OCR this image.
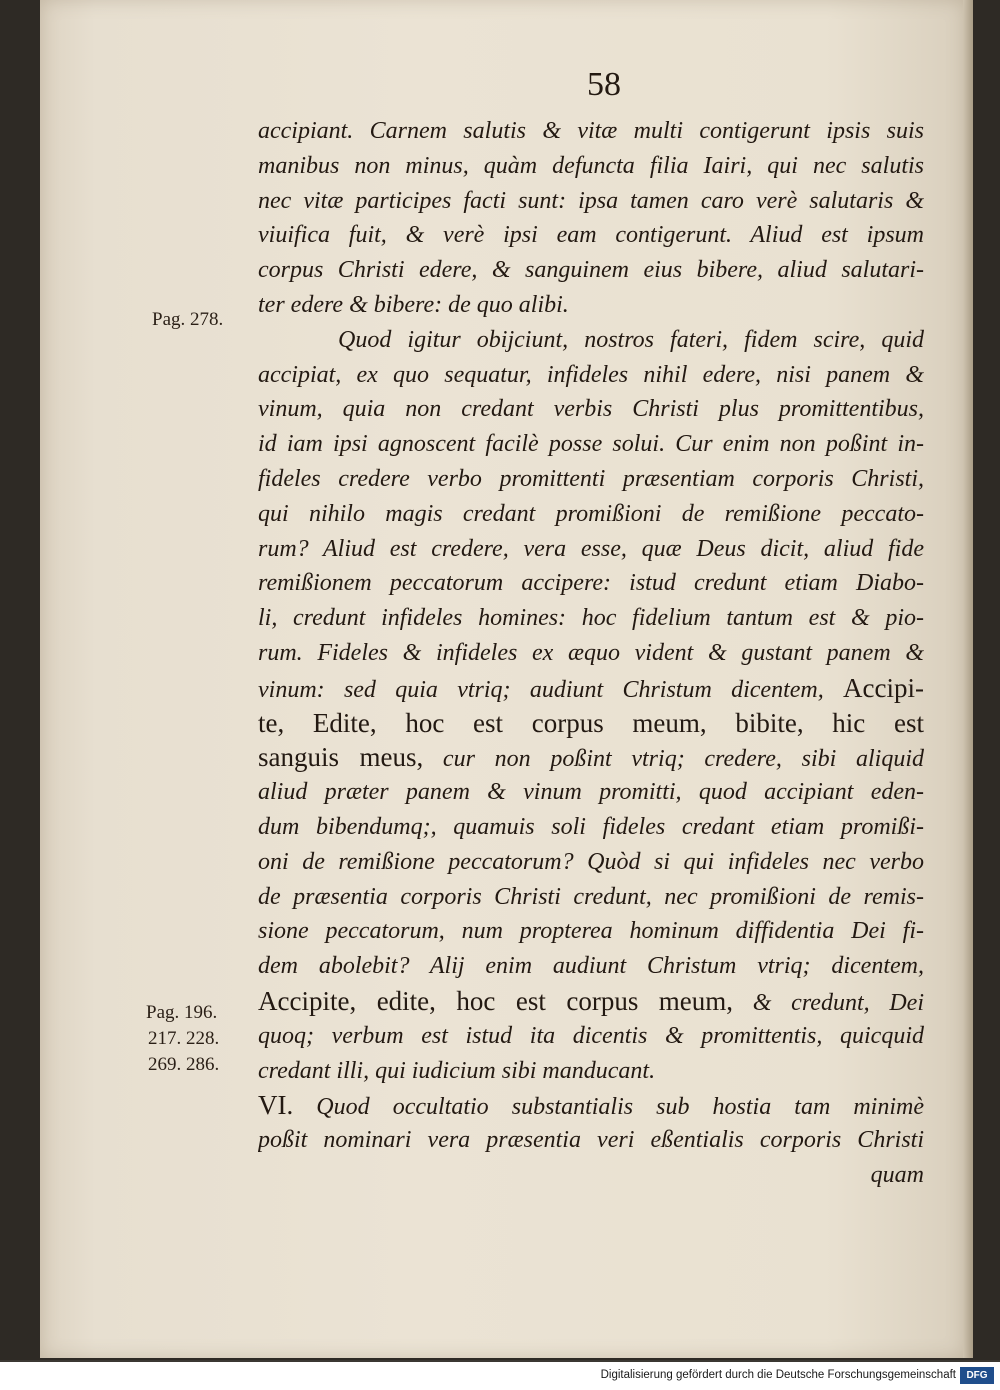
58
Pag. 278.
Pag. 196.
217. 228.
269. 286.
accipiant. Carnem salutis & vitæ multi contigerunt ipsis suis
manibus non minus, quàm defuncta filia Iairi, qui nec salutis
nec vitæ participes facti sunt: ipsa tamen caro verè salutaris &
viuifica fuit, & verè ipsi eam contigerunt. Aliud est ipsum
corpus Christi edere, & sanguinem eius bibere, aliud salutari-
ter edere & bibere: de quo alibi.
Quod igitur obijciunt, nostros fateri, fidem scire, quid
accipiat, ex quo sequatur, infideles nihil edere, nisi panem &
vinum, quia non credant verbis Christi plus promittentibus,
id iam ipsi agnoscent facilè posse solui. Cur enim non poßint in-
fideles credere verbo promittenti præsentiam corporis Christi,
qui nihilo magis credant promißioni de remißione peccato-
rum? Aliud est credere, vera esse, quæ Deus dicit, aliud fide
remißionem peccatorum accipere: istud credunt etiam Diabo-
li, credunt infideles homines: hoc fidelium tantum est & pio-
rum. Fideles & infideles ex æquo vident & gustant panem &
vinum: sed quia vtriq; audiunt Christum dicentem, Accipi-
te, Edite, hoc est corpus meum, bibite, hic est
sanguis meus, cur non poßint vtriq; credere, sibi aliquid
aliud præter panem & vinum promitti, quod accipiant eden-
dum bibendumq;, quamuis soli fideles credant etiam promißi-
oni de remißione peccatorum? Quòd si qui infideles nec verbo
de præsentia corporis Christi credunt, nec promißioni de remis-
sione peccatorum, num propterea hominum diffidentia Dei fi-
dem abolebit? Alij enim audiunt Christum vtriq; dicentem,
Accipite, edite, hoc est corpus meum, & credunt, Dei
quoq; verbum est istud ita dicentis & promittentis, quicquid
credant illi, qui iudicium sibi manducant.
VI. Quod occultatio substantialis sub hostia tam minimè
poßit nominari vera præsentia veri eßentialis corporis Christi
quam
Digitalisierung gefördert durch die Deutsche Forschungsgemeinschaft	DFG
